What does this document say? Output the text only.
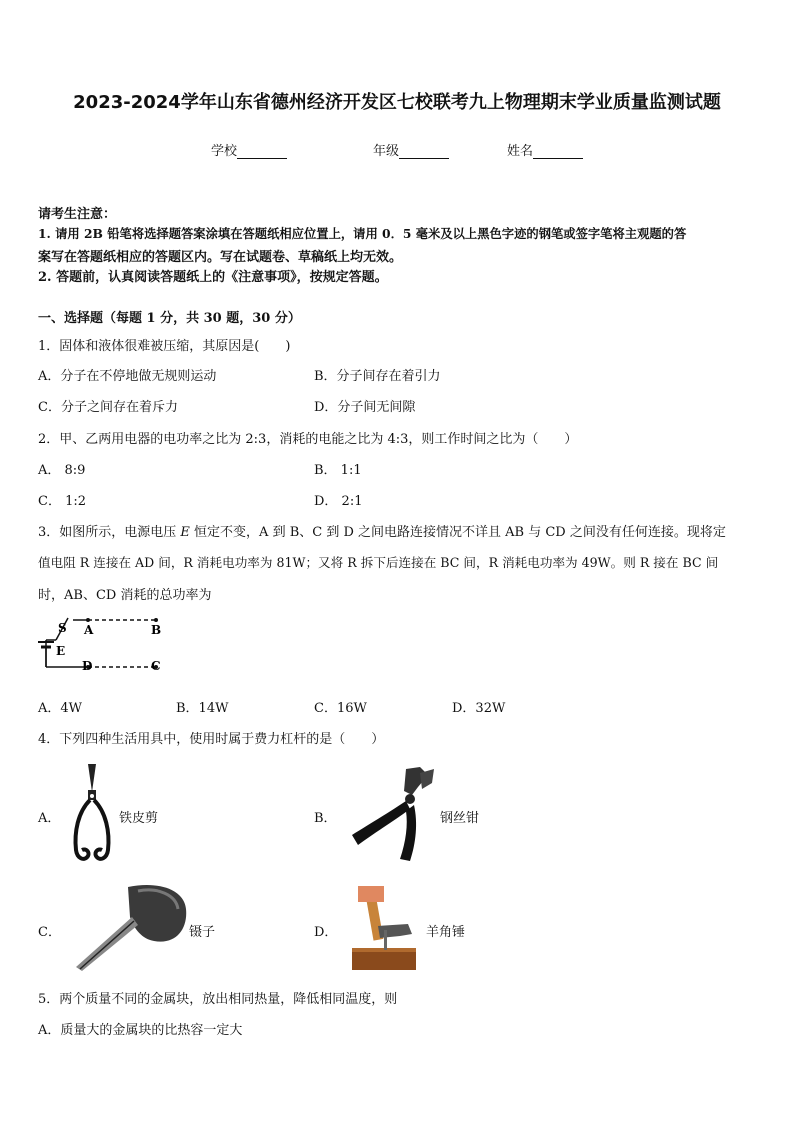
2023-2024学年山东省德州经济开发区七校联考九上物理期末学业质量监测试题
学校	年级	姓名
请考生注意：
1. 请用 2B 铅笔将选择题答案涂填在答题纸相应位置上，请用 0．5 毫米及以上黑色字迹的钢笔或签字笔将主观题的答
案写在答题纸相应的答题区内。写在试题卷、草稿纸上均无效。
2. 答题前，认真阅读答题纸上的《注意事项》，按规定答题。
一、选择题（每题 1 分，共 30 题，30 分）
1．固体和液体很难被压缩，其原因是(　　)
A．分子在不停地做无规则运动	B．分子间存在着引力
C．分子之间存在着斥力	D．分子间无间隙
2．甲、乙两用电器的电功率之比为 2:3，消耗的电能之比为 4:3，则工作时间之比为（　　）
A． 8:9	B． 1:1
C． 1:2	D． 2:1
3．如图所示，电源电压 E 恒定不变，A 到 B、C 到 D 之间电路连接情况不详且 AB 与 CD 之间没有任何连接。现将定
值电阻 R 连接在 AD 间，R 消耗电功率为 81W；又将 R 拆下后连接在 BC 间，R 消耗电功率为 49W。则 R 接在 BC 间
时，AB、CD 消耗的总功率为
S A	B
E
D	C
A．4W	B．14W	C．16W	D．32W
4．下列四种生活用具中，使用时属于费力杠杆的是（　　）
A．	铁皮剪	B．	钢丝钳
C．	镊子	D．	羊角锤
5．两个质量不同的金属块，放出相同热量，降低相同温度，则
A．质量大的金属块的比热容一定大
